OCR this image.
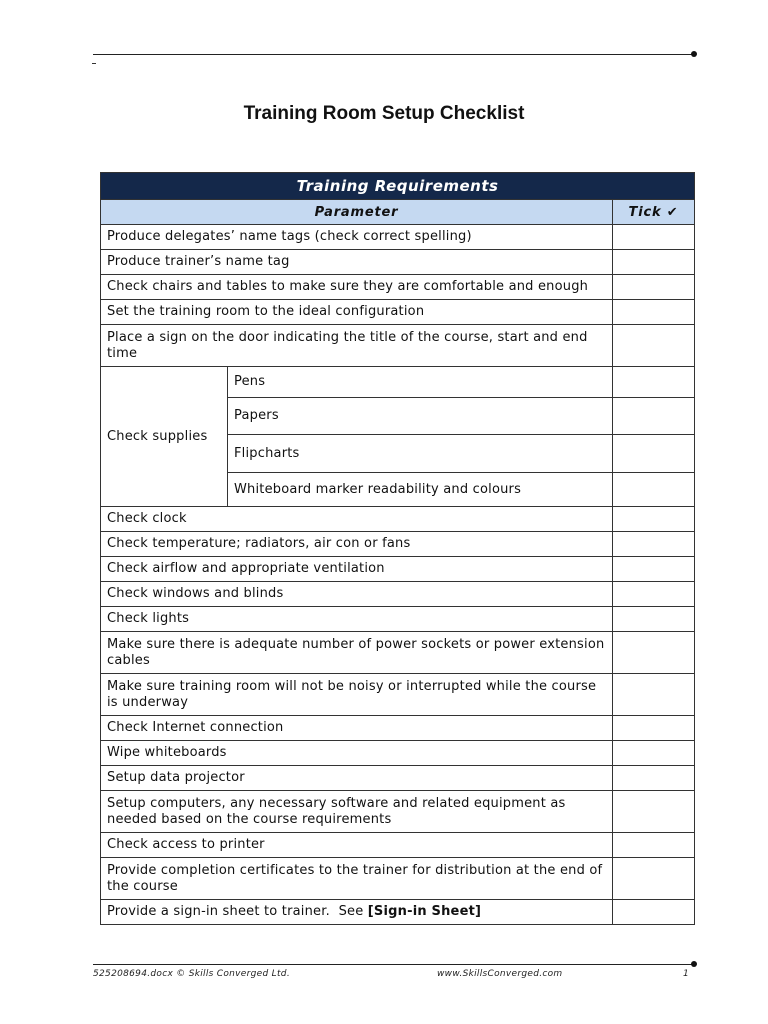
Training Room Setup Checklist
Training Requirements		
Parameter		Tick ✔
Produce delegates’ name tags (check correct spelling)		
Produce trainer’s name tag		
Check chairs and tables to make sure they are comfortable and enough		
Set the training room to the ideal configuration		
Place a sign on the door indicating the title of the course, start and end time		
Check supplies	Pens	
	Papers	
	Flipcharts	
	Whiteboard marker readability and colours	
Check clock		
Check temperature; radiators, air con or fans		
Check airflow and appropriate ventilation		
Check windows and blinds		
Check lights		
Make sure there is adequate number of power sockets or power extension cables		
Make sure training room will not be noisy or interrupted while the course is underway		
Check Internet connection		
Wipe whiteboards		
Setup data projector		
Setup computers, any necessary software and related equipment as needed based on the course requirements		
Check access to printer		
Provide completion certificates to the trainer for distribution at the end of the course		
Provide a sign-in sheet to trainer.  See [Sign-in Sheet]		
525208694.docx © Skills Converged Ltd.	www.SkillsConverged.com	1
